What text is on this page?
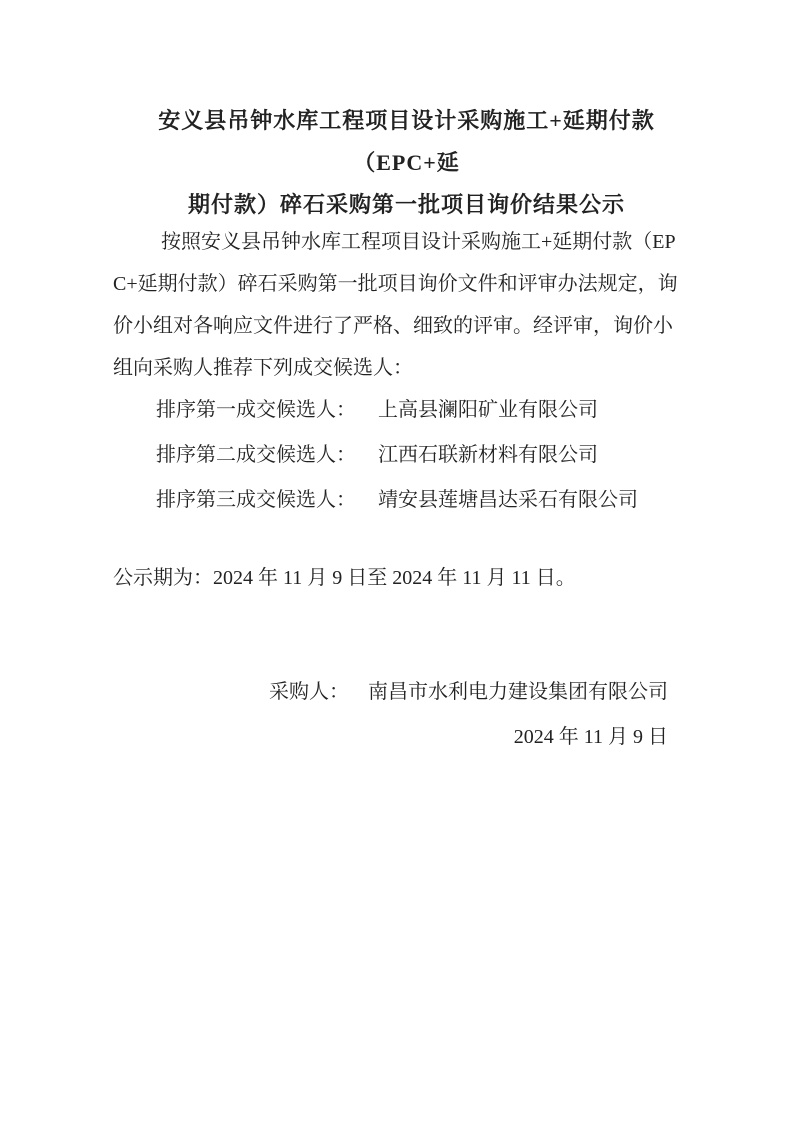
安义县吊钟水库工程项目设计采购施工+延期付款（EPC+延
期付款）碎石采购第一批项目询价结果公示
按照安义县吊钟水库工程项目设计采购施工+延期付款（EP
C+延期付款）碎石采购第一批项目询价文件和评审办法规定，询
价小组对各响应文件进行了严格、细致的评审。经评审，询价小
组向采购人推荐下列成交候选人：
排序第一成交候选人： 上高县澜阳矿业有限公司
排序第二成交候选人： 江西石联新材料有限公司
排序第三成交候选人： 靖安县莲塘昌达采石有限公司
公示期为：2024 年 11 月 9 日至 2024 年 11 月 11 日。
采购人： 南昌市水利电力建设集团有限公司
2024 年 11 月 9 日
